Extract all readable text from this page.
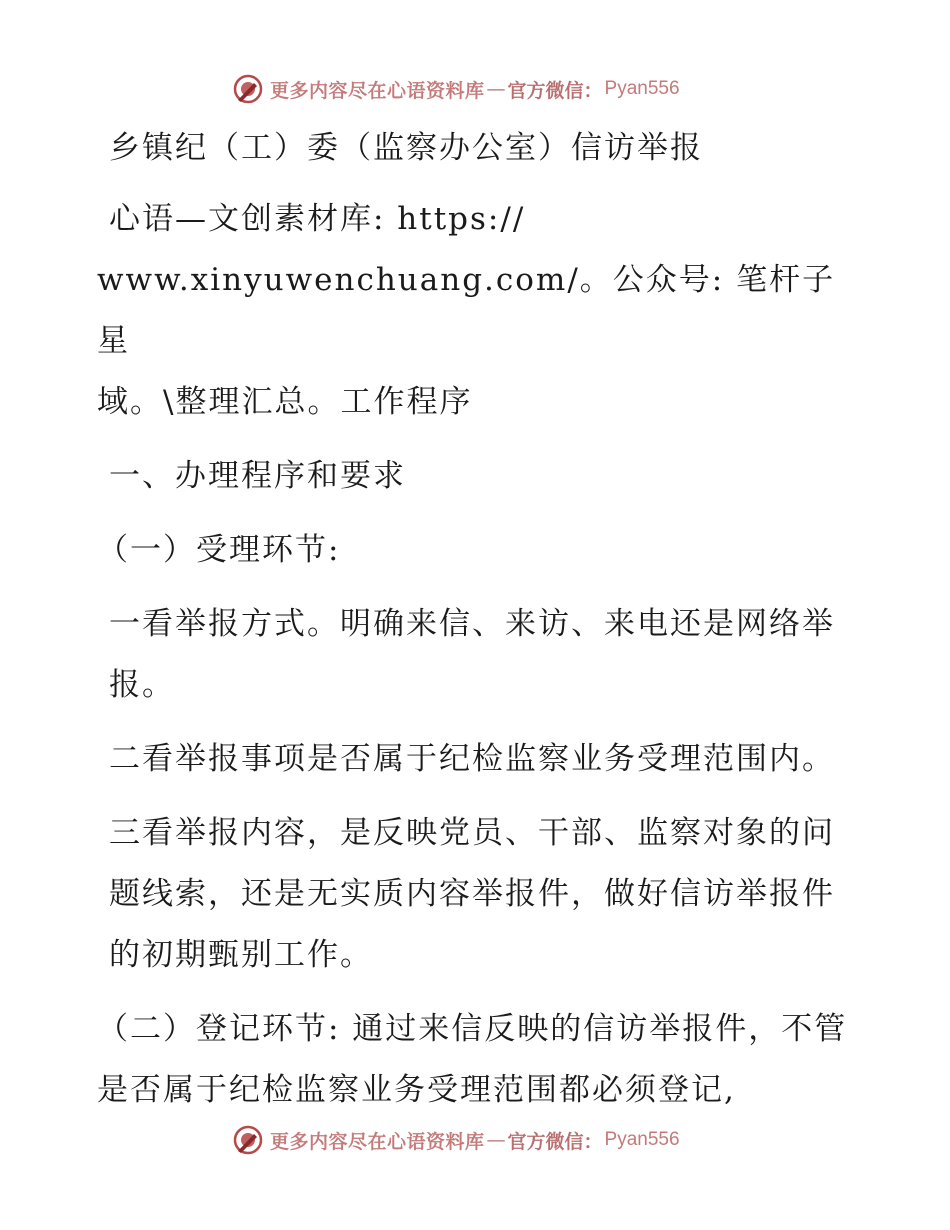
更多内容尽在心语资料库 — 官方微信： Pyan556

乡镇纪（工）委（监察办公室）信访举报

心语—文创素材库: https://

www.xinyuwenchuang.com/。公众号: 笔杆子星

域。\整理汇总。工作程序

一、办理程序和要求

（一）受理环节:

一看举报方式。明确来信、来访、来电还是网络举报。

二看举报事项是否属于纪检监察业务受理范围内。

三看举报内容，是反映党员、干部、监察对象的问题线索，还是无实质内容举报件，做好信访举报件的初期甄别工作。

（二）登记环节: 通过来信反映的信访举报件，不管是否属于纪检监察业务受理范围都必须登记,

更多内容尽在心语资料库 — 官方微信： Pyan556
